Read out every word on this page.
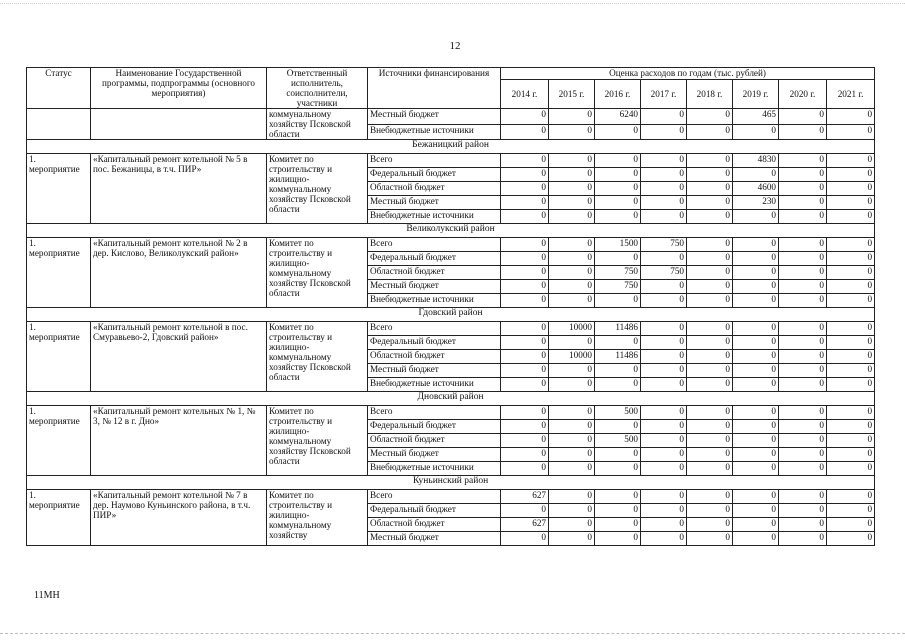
12
Статус	Наименование Государственной программы, подпрограммы (основного мероприятия)	Ответственный исполнитель, соисполнители, участники	Источники финансирования	Оценка расходов по годам (тыс. рублей)							
				2014 г.	2015 г.	2016 г.	2017 г.	2018 г.	2019 г.	2020 г.	2021 г.
		коммунальному хозяйству Псковской области	Местный бюджет	0	0	6240	0	0	465	0	0
			Внебюджетные источники	0	0	0	0	0	0	0	0
Бежаницкий район											
1. мероприятие	«Капитальный ремонт котельной № 5 в пос. Бежаницы, в т.ч. ПИР»	Комитет по строительству и жилищно-коммунальному хозяйству Псковской области	Всего	0	0	0	0	0	4830	0	0
			Федеральный бюджет	0	0	0	0	0	0	0	0
			Областной бюджет	0	0	0	0	0	4600	0	0
			Местный бюджет	0	0	0	0	0	230	0	0
			Внебюджетные источники	0	0	0	0	0	0	0	0
Великолукский район											
1. мероприятие	«Капитальный ремонт котельной № 2 в дер. Кислово, Великолукский район»	Комитет по строительству и жилищно-коммунальному хозяйству Псковской области	Всего	0	0	1500	750	0	0	0	0
			Федеральный бюджет	0	0	0	0	0	0	0	0
			Областной бюджет	0	0	750	750	0	0	0	0
			Местный бюджет	0	0	750	0	0	0	0	0
			Внебюджетные источники	0	0	0	0	0	0	0	0
Гдовский район											
1. мероприятие	«Капитальный ремонт котельной в пос. Смуравьево-2, Гдовский район»	Комитет по строительству и жилищно-коммунальному хозяйству Псковской области	Всего	0	10000	11486	0	0	0	0	0
			Федеральный бюджет	0	0	0	0	0	0	0	0
			Областной бюджет	0	10000	11486	0	0	0	0	0
			Местный бюджет	0	0	0	0	0	0	0	0
			Внебюджетные источники	0	0	0	0	0	0	0	0
Дновский район											
1. мероприятие	«Капитальный ремонт котельных № 1, № 3, № 12 в г. Дно»	Комитет по строительству и жилищно-коммунальному хозяйству Псковской области	Всего	0	0	500	0	0	0	0	0
			Федеральный бюджет	0	0	0	0	0	0	0	0
			Областной бюджет	0	0	500	0	0	0	0	0
			Местный бюджет	0	0	0	0	0	0	0	0
			Внебюджетные источники	0	0	0	0	0	0	0	0
Куньинский район											
1. мероприятие	«Капитальный ремонт котельной № 7 в дер. Наумово Куньинского района, в т.ч. ПИР»	Комитет по строительству и жилищно-коммунальному хозяйству	Всего	627	0	0	0	0	0	0	0
			Федеральный бюджет	0	0	0	0	0	0	0	0
			Областной бюджет	627	0	0	0	0	0	0	0
			Местный бюджет	0	0	0	0	0	0	0	0
11МН
